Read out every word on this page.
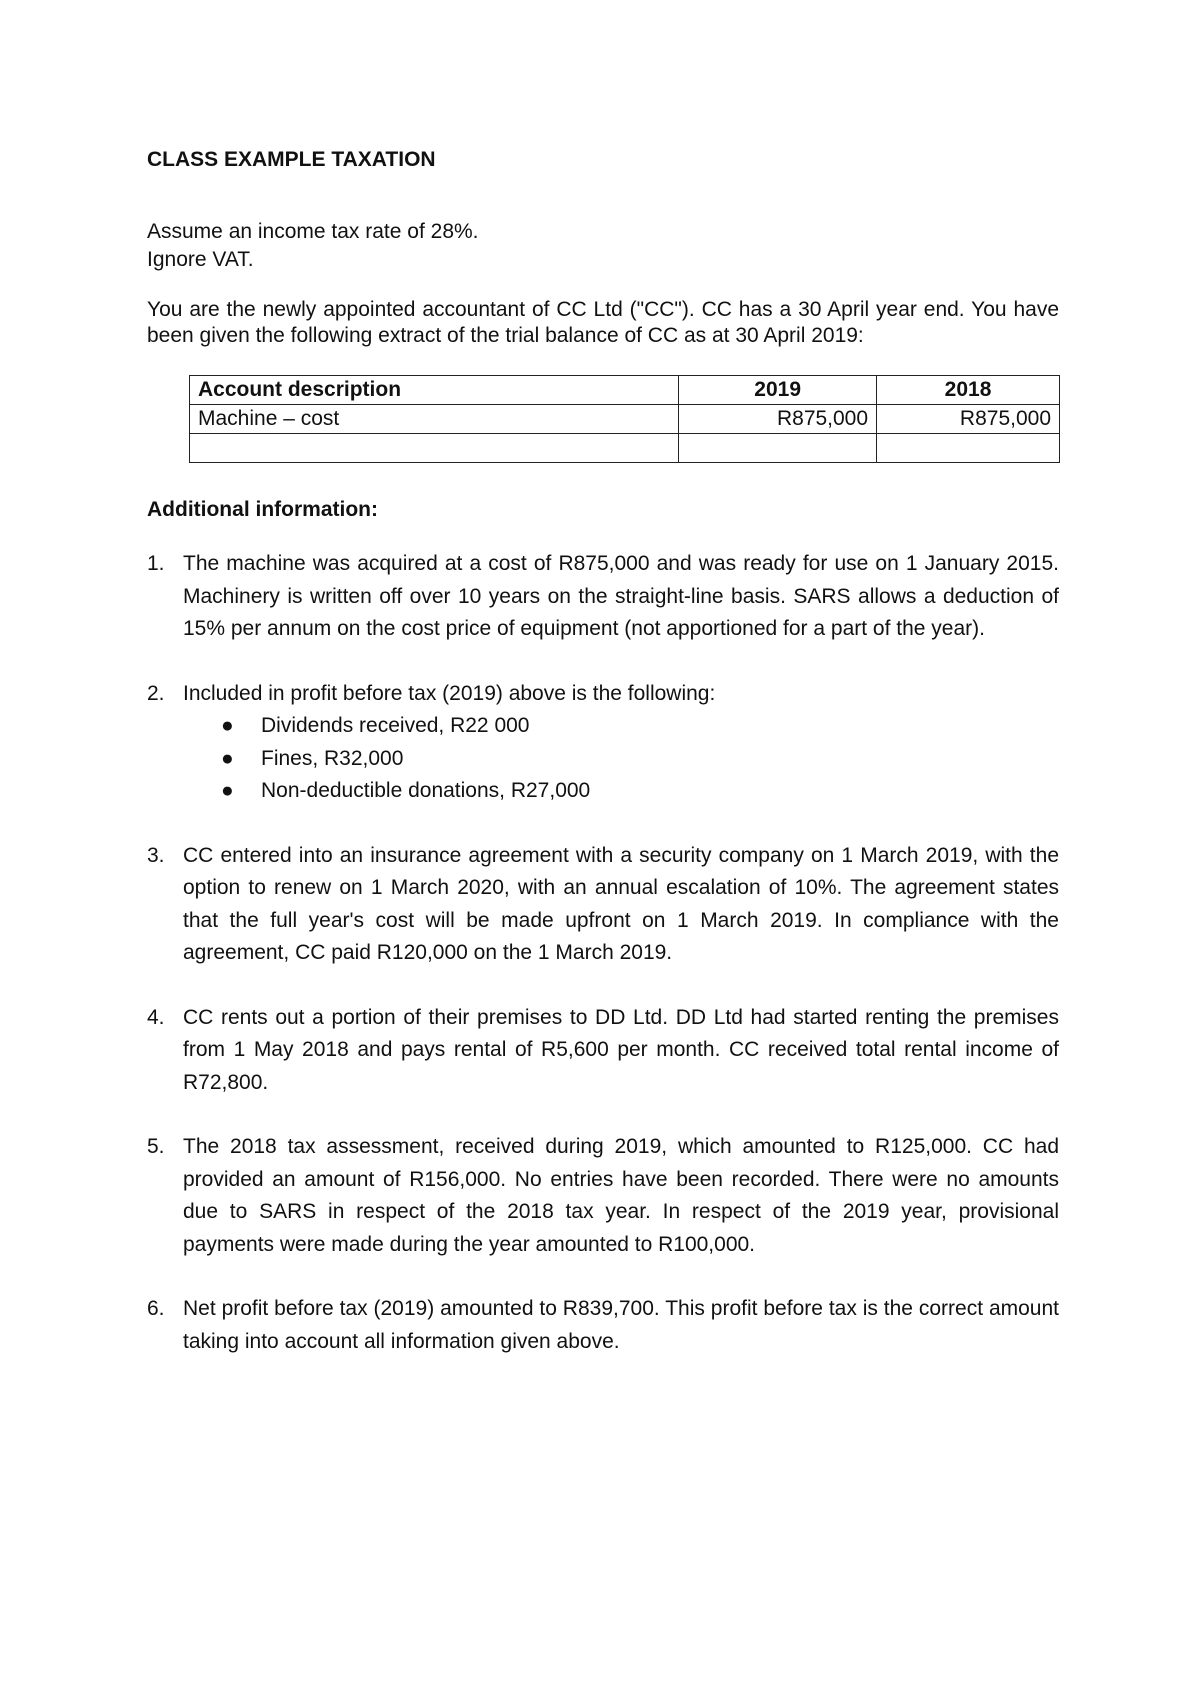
CLASS EXAMPLE TAXATION

Assume an income tax rate of 28%.

Ignore VAT.

You are the newly appointed accountant of CC Ltd ("CC"). CC has a 30 April year end. You have been given the following extract of the trial balance of CC as at 30 April 2019:

Account description	2019	2018
Machine – cost	R875,000	R875,000

Additional information:

1. The machine was acquired at a cost of R875,000 and was ready for use on 1 January 2015. Machinery is written off over 10 years on the straight-line basis. SARS allows a deduction of 15% per annum on the cost price of equipment (not apportioned for a part of the year).
2. Included in profit before tax (2019) above is the following:
● Dividends received, R22 000
● Fines, R32,000
● Non-deductible donations, R27,000
3. CC entered into an insurance agreement with a security company on 1 March 2019, with the option to renew on 1 March 2020, with an annual escalation of 10%. The agreement states that the full year's cost will be made upfront on 1 March 2019. In compliance with the agreement, CC paid R120,000 on the 1 March 2019.
4. CC rents out a portion of their premises to DD Ltd. DD Ltd had started renting the premises from 1 May 2018 and pays rental of R5,600 per month. CC received total rental income of R72,800.
5. The 2018 tax assessment, received during 2019, which amounted to R125,000. CC had provided an amount of R156,000. No entries have been recorded. There were no amounts due to SARS in respect of the 2018 tax year. In respect of the 2019 year, provisional payments were made during the year amounted to R100,000.
6. Net profit before tax (2019) amounted to R839,700. This profit before tax is the correct amount taking into account all information given above.
